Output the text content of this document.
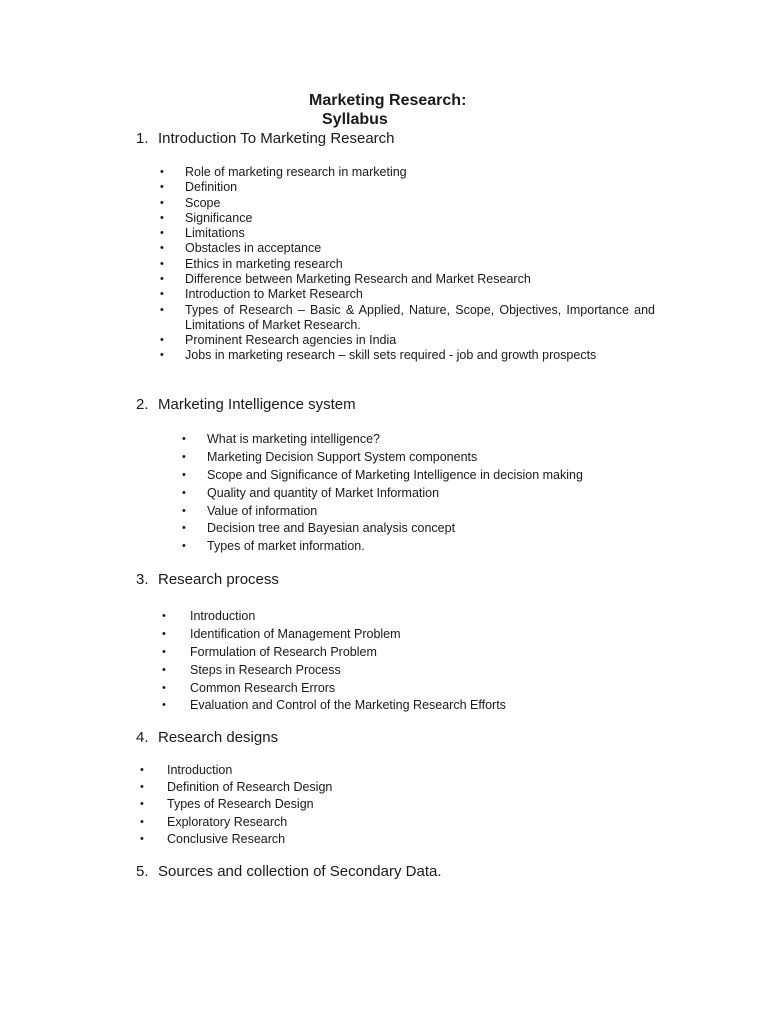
Marketing Research:
Syllabus
1. Introduction To Marketing Research
• Role of marketing research in marketing
• Definition
• Scope
• Significance
• Limitations
• Obstacles in acceptance
• Ethics in marketing research
• Difference between Marketing Research and Market Research
• Introduction to Market Research
• Types of Research – Basic & Applied, Nature, Scope, Objectives, Importance and Limitations of Market Research.
• Prominent Research agencies in India
• Jobs in marketing research – skill sets required - job and growth prospects
2. Marketing Intelligence system
• What is marketing intelligence?
• Marketing Decision Support System components
• Scope and Significance of Marketing Intelligence in decision making
• Quality and quantity of Market Information
• Value of information
• Decision tree and Bayesian analysis concept
• Types of market information.
3. Research process
• Introduction
• Identification of Management Problem
• Formulation of Research Problem
• Steps in Research Process
• Common Research Errors
• Evaluation and Control of the Marketing Research Efforts
4. Research designs
• Introduction
• Definition of Research Design
• Types of Research Design
• Exploratory Research
• Conclusive Research
5. Sources and collection of Secondary Data.
